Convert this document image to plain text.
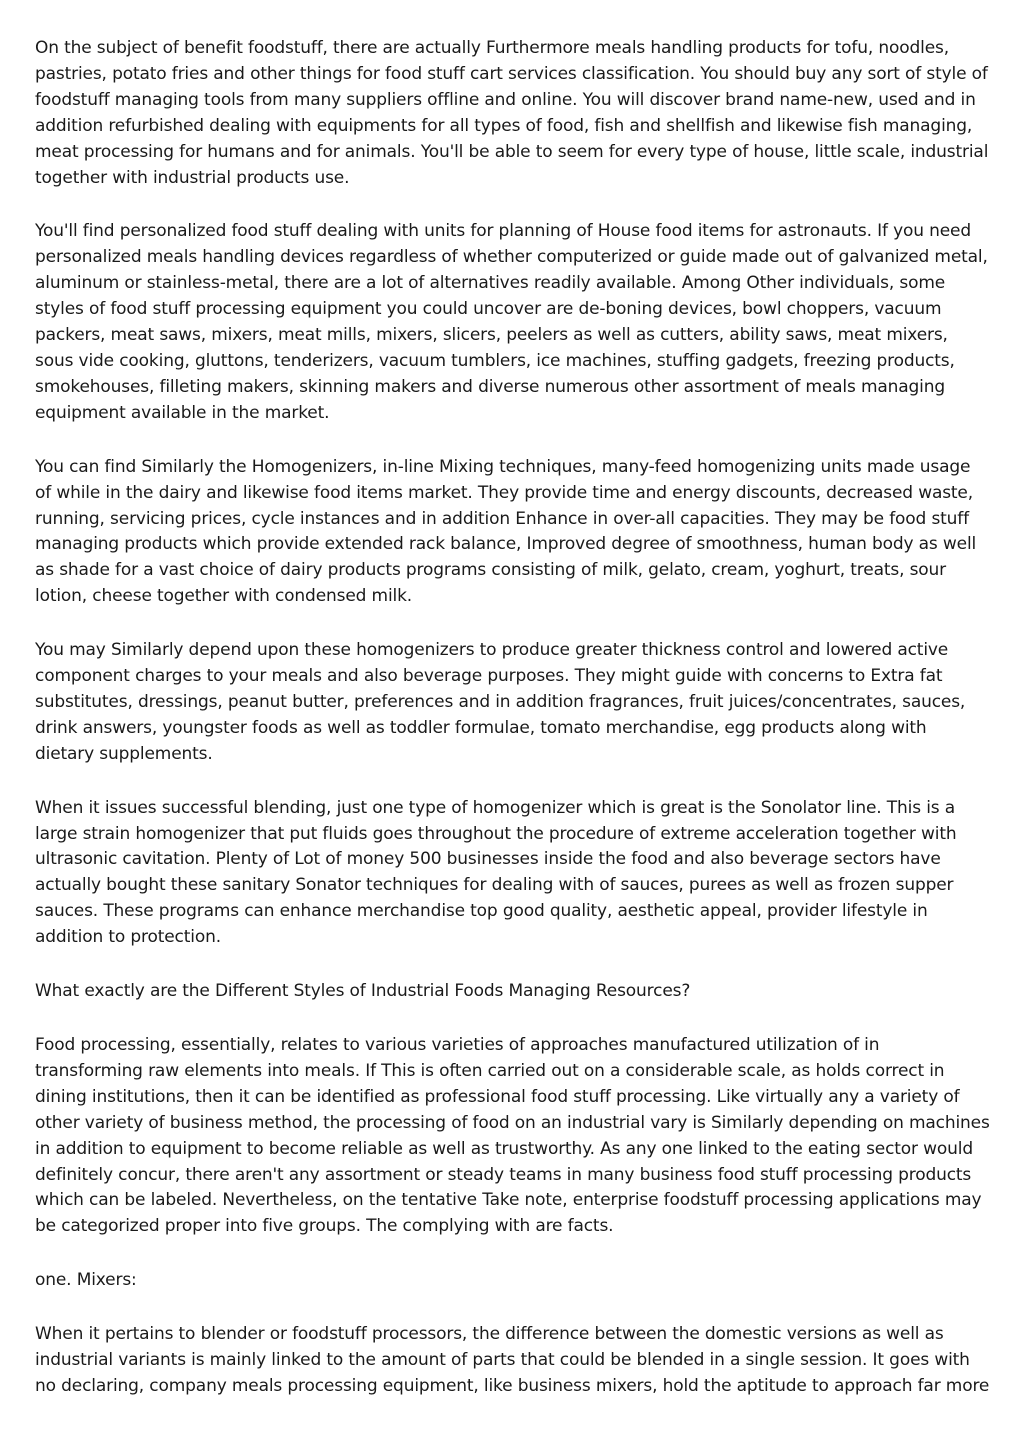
On the subject of benefit foodstuff, there are actually Furthermore meals handling products for tofu, noodles, pastries, potato fries and other things for food stuff cart services classification. You should buy any sort of style of foodstuff managing tools from many suppliers offline and online. You will discover brand name-new, used and in addition refurbished dealing with equipments for all types of food, fish and shellfish and likewise fish managing, meat processing for humans and for animals. You'll be able to seem for every type of house, little scale, industrial together with industrial products use.

You'll find personalized food stuff dealing with units for planning of House food items for astronauts. If you need personalized meals handling devices regardless of whether computerized or guide made out of galvanized metal, aluminum or stainless-metal, there are a lot of alternatives readily available. Among Other individuals, some styles of food stuff processing equipment you could uncover are de-boning devices, bowl choppers, vacuum packers, meat saws, mixers, meat mills, mixers, slicers, peelers as well as cutters, ability saws, meat mixers, sous vide cooking, gluttons, tenderizers, vacuum tumblers, ice machines, stuffing gadgets, freezing products, smokehouses, filleting makers, skinning makers and diverse numerous other assortment of meals managing equipment available in the market.

You can find Similarly the Homogenizers, in-line Mixing techniques, many-feed homogenizing units made usage of while in the dairy and likewise food items market. They provide time and energy discounts, decreased waste, running, servicing prices, cycle instances and in addition Enhance in over-all capacities. They may be food stuff managing products which provide extended rack balance, Improved degree of smoothness, human body as well as shade for a vast choice of dairy products programs consisting of milk, gelato, cream, yoghurt, treats, sour lotion, cheese together with condensed milk.

You may Similarly depend upon these homogenizers to produce greater thickness control and lowered active component charges to your meals and also beverage purposes. They might guide with concerns to Extra fat substitutes, dressings, peanut butter, preferences and in addition fragrances, fruit juices/concentrates, sauces, drink answers, youngster foods as well as toddler formulae, tomato merchandise, egg products along with dietary supplements.

When it issues successful blending, just one type of homogenizer which is great is the Sonolator line. This is a large strain homogenizer that put fluids goes throughout the procedure of extreme acceleration together with ultrasonic cavitation. Plenty of Lot of money 500 businesses inside the food and also beverage sectors have actually bought these sanitary Sonator techniques for dealing with of sauces, purees as well as frozen supper sauces. These programs can enhance merchandise top good quality, aesthetic appeal, provider lifestyle in addition to protection.

What exactly are the Different Styles of Industrial Foods Managing Resources?

Food processing, essentially, relates to various varieties of approaches manufactured utilization of in transforming raw elements into meals. If This is often carried out on a considerable scale, as holds correct in dining institutions, then it can be identified as professional food stuff processing. Like virtually any a variety of other variety of business method, the processing of food on an industrial vary is Similarly depending on machines in addition to equipment to become reliable as well as trustworthy. As any one linked to the eating sector would definitely concur, there aren't any assortment or steady teams in many business food stuff processing products which can be labeled. Nevertheless, on the tentative Take note, enterprise foodstuff processing applications may be categorized proper into five groups. The complying with are facts.

one. Mixers:

When it pertains to blender or foodstuff processors, the difference between the domestic versions as well as industrial variants is mainly linked to the amount of parts that could be blended in a single session. It goes with no declaring, company meals processing equipment, like business mixers, hold the aptitude to approach far more
